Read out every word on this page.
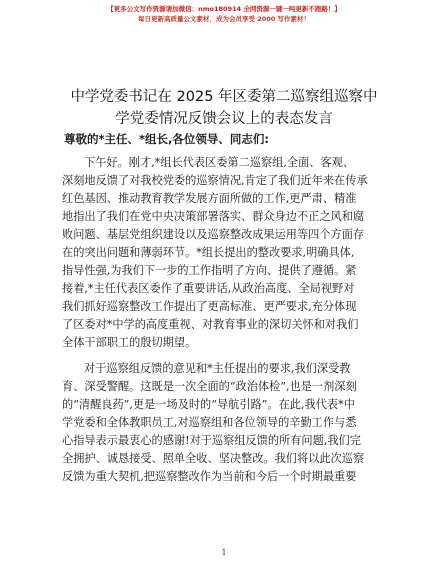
【更多公文写作资源请加微信：nmo180914 全网资源一键一吨更新不跑路！】
每日更新高质量公文素材，成为会员享受 2000 写作素材！
中学党委书记在 2025 年区委第二巡察组巡察中
学党委情况反馈会议上的表态发言
尊敬的*主任、*组长,各位领导、同志们:
下午好。刚才,*组长代表区委第二巡察组,全面、客观、
深刻地反馈了对我校党委的巡察情况,肯定了我们近年来在传承
红色基因、推动教育教学发展方面所做的工作,更严肃、精准
地指出了我们在党中央决策部署落实、群众身边不正之风和腐
败问题、基层党组织建设以及巡察整改成果运用等四个方面存
在的突出问题和薄弱环节。*组长提出的整改要求,明确具体,
指导性强,为我们下一步的工作指明了方向、提供了遵循。紧
接着,*主任代表区委作了重要讲话,从政治高度、全局视野对
我们抓好巡察整改工作提出了更高标准、更严要求,充分体现
了区委对*中学的高度重视、对教育事业的深切关怀和对我们
全体干部职工的殷切期望。
对于巡察组反馈的意见和*主任提出的要求,我们深受教
育、深受警醒。这既是一次全面的“政治体检”,也是一剂深刻
的“清醒良药”,更是一场及时的“导航引路”。在此,我代表*中
学党委和全体教职员工,对巡察组和各位领导的辛勤工作与悉
心指导表示最衷心的感谢!对于巡察组反馈的所有问题,我们完
全拥护、诚恳接受、照单全收、坚决整改。我们将以此次巡察
反馈为重大契机,把巡察整改作为当前和今后一个时期最重要
1
